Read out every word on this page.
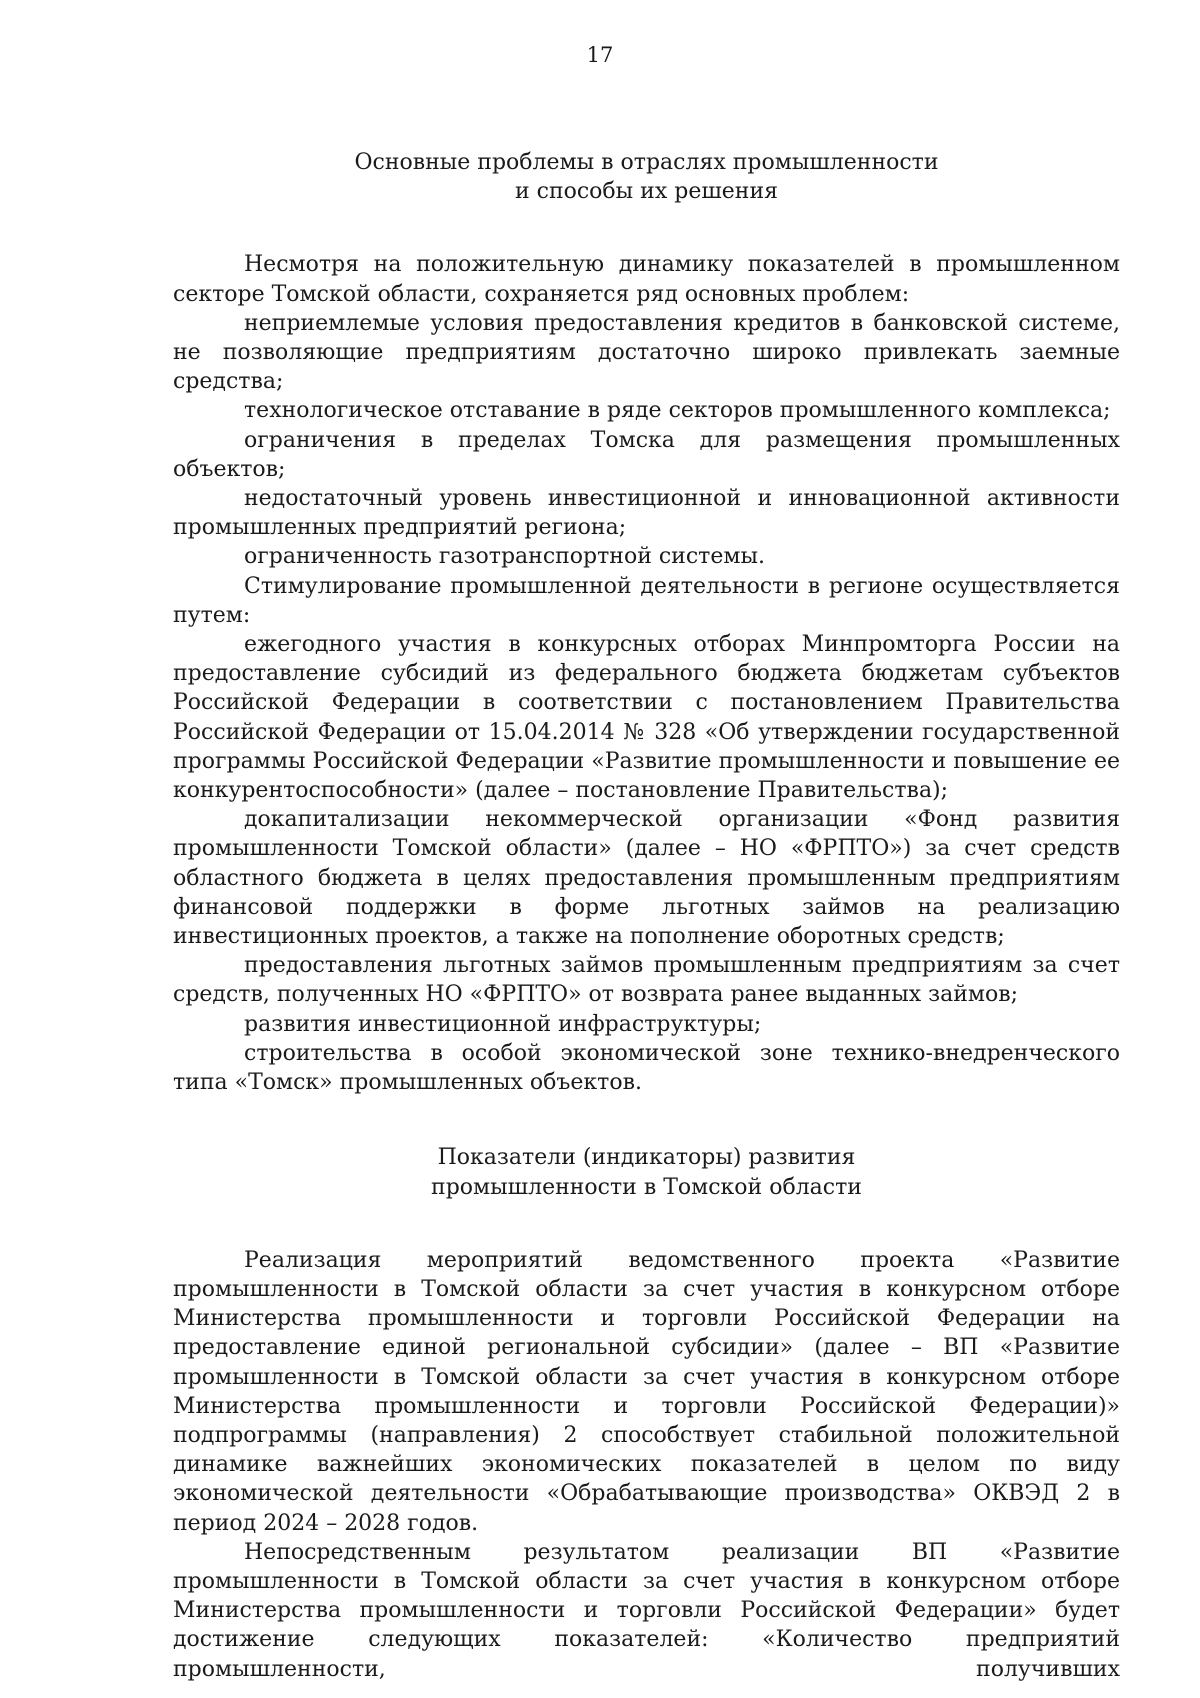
17
Основные проблемы в отраслях промышленности
и способы их решения

Несмотря на положительную динамику показателей в промышленном секторе Томской области, сохраняется ряд основных проблем:

неприемлемые условия предоставления кредитов в банковской системе, не позволяющие предприятиям достаточно широко привлекать заемные средства;

технологическое отставание в ряде секторов промышленного комплекса;

ограничения в пределах Томска для размещения промышленных объектов;

недостаточный уровень инвестиционной и инновационной активности промышленных предприятий региона;

ограниченность газотранспортной системы.

Стимулирование промышленной деятельности в регионе осуществляется путем:

ежегодного участия в конкурсных отборах Минпромторга России на предоставление субсидий из федерального бюджета бюджетам субъектов Российской Федерации в соответствии с постановлением Правительства Российской Федерации от 15.04.2014 № 328 «Об утверждении государственной программы Российской Федерации «Развитие промышленности и повышение ее конкурентоспособности» (далее – постановление Правительства);

докапитализации некоммерческой организации «Фонд развития промышленности Томской области» (далее – НО «ФРПТО») за счет средств областного бюджета в целях предоставления промышленным предприятиям финансовой поддержки в форме льготных займов на реализацию инвестиционных проектов, а также на пополнение оборотных средств;

предоставления льготных займов промышленным предприятиям за счет средств, полученных НО «ФРПТО» от возврата ранее выданных займов;

развития инвестиционной инфраструктуры;

строительства в особой экономической зоне технико-внедренческого типа «Томск» промышленных объектов.

Показатели (индикаторы) развития
промышленности в Томской области

Реализация мероприятий ведомственного проекта «Развитие промышленности в Томской области за счет участия в конкурсном отборе Министерства промышленности и торговли Российской Федерации на предоставление единой региональной субсидии» (далее – ВП «Развитие промышленности в Томской области за счет участия в конкурсном отборе Министерства промышленности и торговли Российской Федерации)» подпрограммы (направления) 2 способствует стабильной положительной динамике важнейших экономических показателей в целом по виду экономической деятельности «Обрабатывающие производства» ОКВЭД 2 в период 2024 – 2028 годов.

Непосредственным результатом реализации ВП «Развитие промышленности в Томской области за счет участия в конкурсном отборе Министерства промышленности и торговли Российской Федерации» будет достижение следующих показателей: «Количество предприятий промышленности, получивших
